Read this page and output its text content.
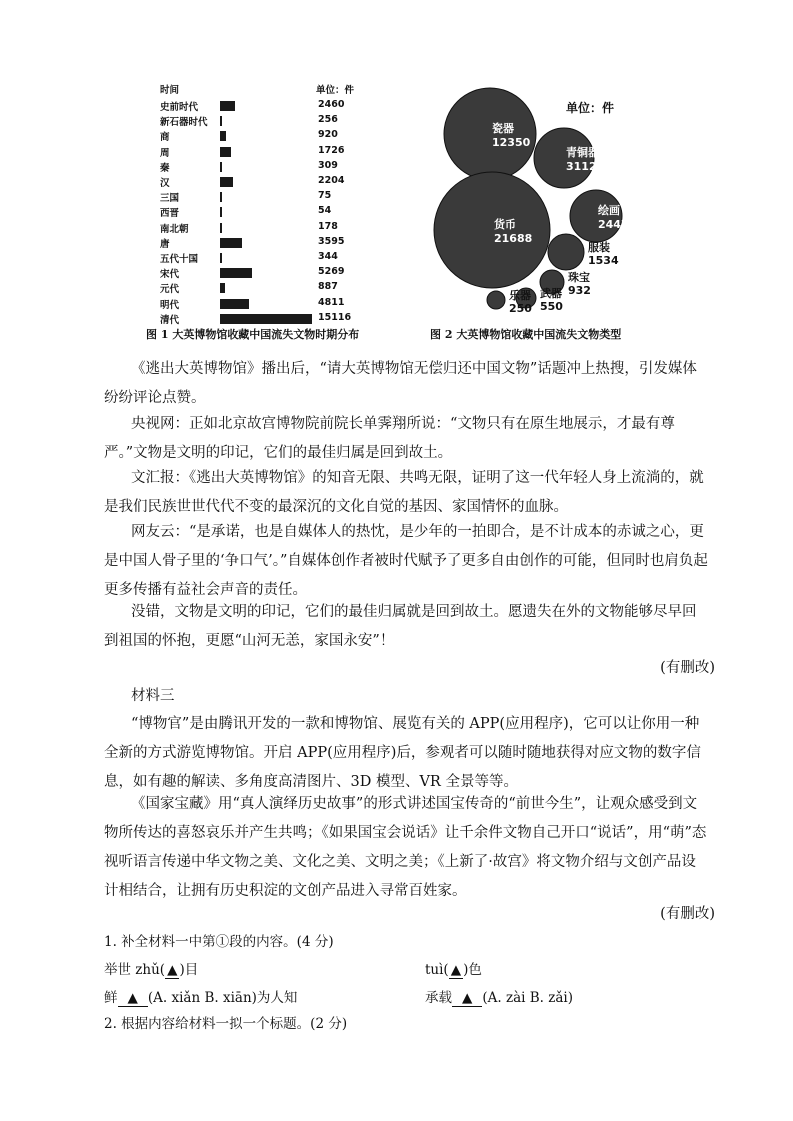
时间	单位：件
史前时代	2460
新石器时代	256
商	920
周	1726
秦	309
汉	2204
三国	75
西晋	54
南北朝	178
唐	3595
五代十国	344
宋代	5269
元代	887
明代	4811
清代	15116
图 1 大英博物馆收藏中国流失文物时期分布
单位：件
瓷器
12350
青铜器
3112
货币
21688
绘画
2447
服装
1534
珠宝
932
武器
550
乐器
250
图 2 大英博物馆收藏中国流失文物类型
《逃出大英博物馆》播出后，“请大英博物馆无偿归还中国文物”话题冲上热搜，引发媒体纷纷评论点赞。
央视网：正如北京故宫博物院前院长单霁翔所说：“文物只有在原生地展示，才最有尊严。”文物是文明的印记，它们的最佳归属是回到故土。
文汇报：《逃出大英博物馆》的知音无限、共鸣无限，证明了这一代年轻人身上流淌的，就是我们民族世世代代不变的最深沉的文化自觉的基因、家国情怀的血脉。
网友云：“是承诺，也是自媒体人的热忱，是少年的一拍即合，是不计成本的赤诚之心，更是中国人骨子里的‘争口气’。”自媒体创作者被时代赋予了更多自由创作的可能，但同时也肩负起更多传播有益社会声音的责任。
没错，文物是文明的印记，它们的最佳归属就是回到故土。愿遗失在外的文物能够尽早回到祖国的怀抱，更愿“山河无恙，家国永安”！
(有删改)
材料三
“博物官”是由腾讯开发的一款和博物馆、展览有关的 APP(应用程序)，它可以让你用一种全新的方式游览博物馆。开启 APP(应用程序)后，参观者可以随时随地获得对应文物的数字信息，如有趣的解读、多角度高清图片、3D 模型、VR 全景等等。
《国家宝藏》用“真人演绎历史故事”的形式讲述国宝传奇的“前世今生”，让观众感受到文物所传达的喜怒哀乐并产生共鸣；《如果国宝会说话》让千余件文物自己开口“说话”，用“萌”态视听语言传递中华文物之美、文化之美、文明之美；《上新了·故宫》将文物介绍与文创产品设计相结合，让拥有历史积淀的文创产品进入寻常百姓家。
(有删改)
1. 补全材料一中第①段的内容。(4 分)
举世 zhǔ( ▲ )目	tuì( ▲ )色
鲜 ▲ (A. xiǎn B. xiān)为人知	承载 ▲ (A. zài B. zǎi)
2. 根据内容给材料一拟一个标题。(2 分)
